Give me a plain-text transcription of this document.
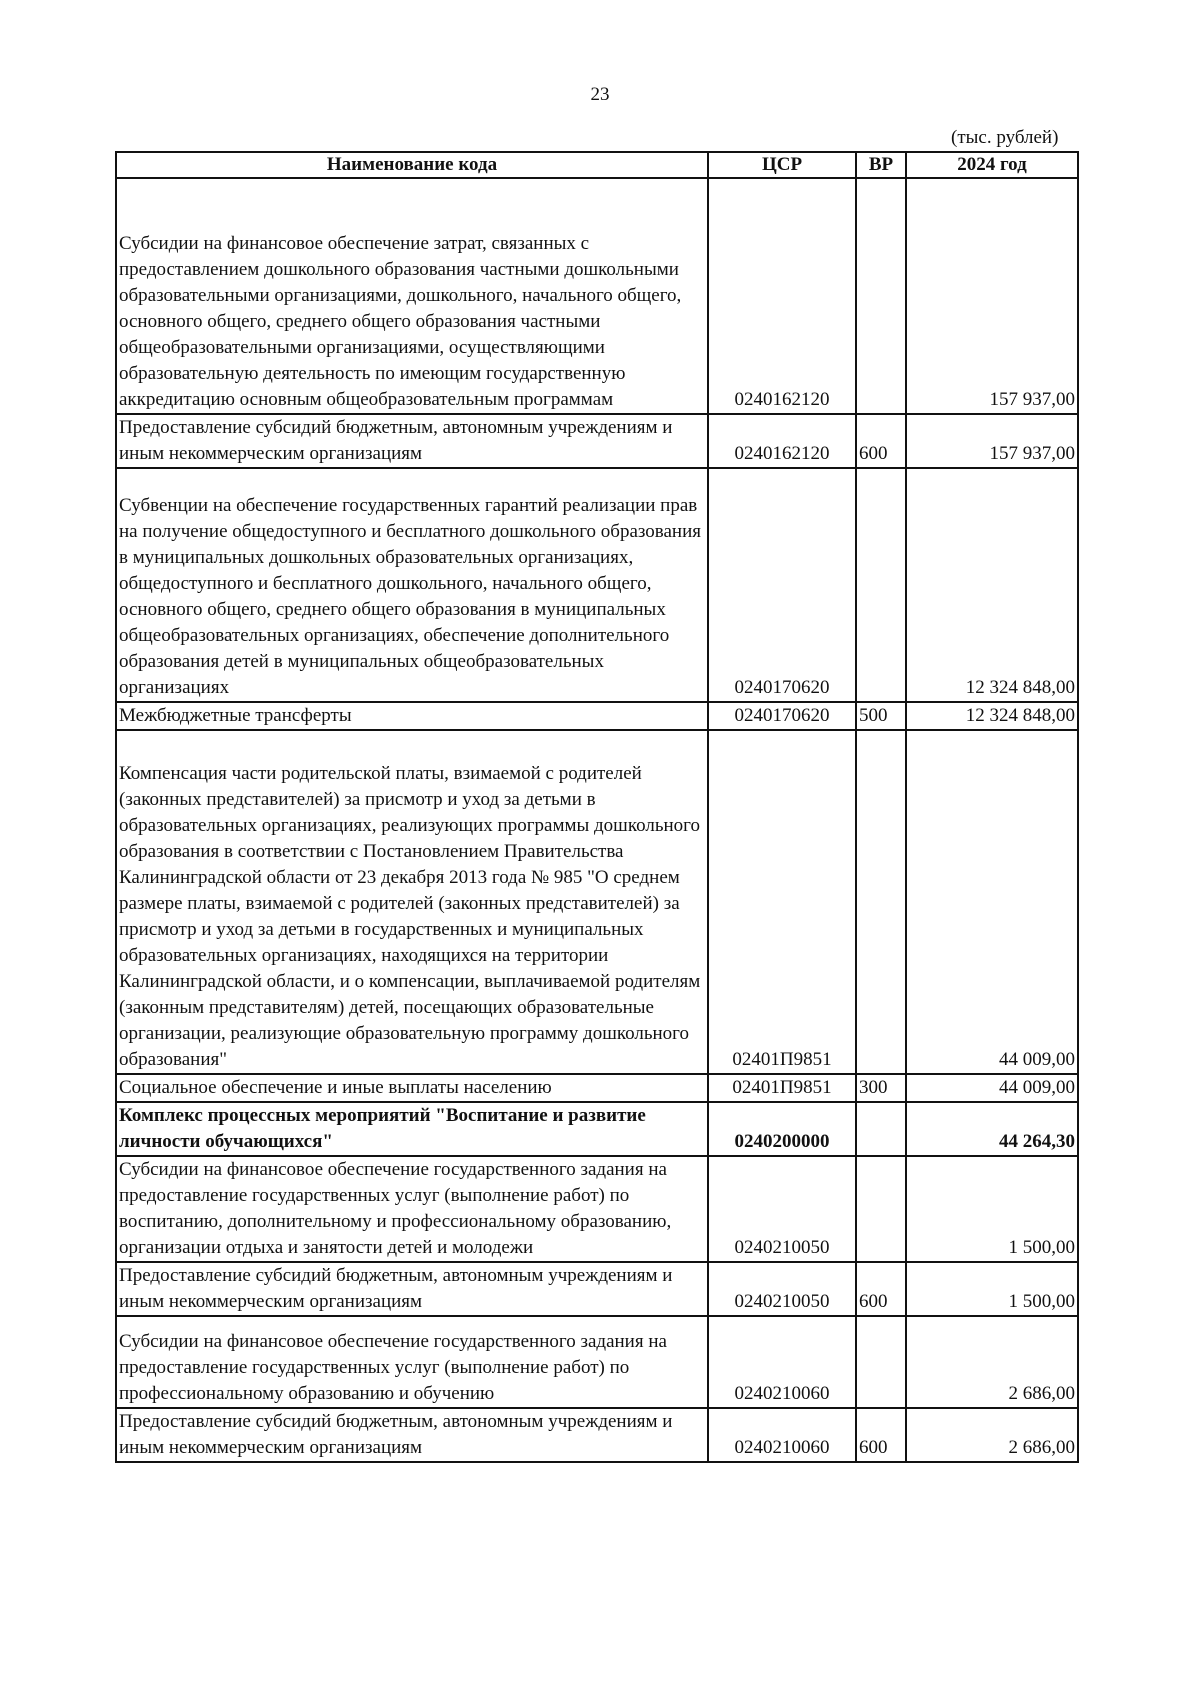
23
(тыс. рублей)
Наименование кода	ЦСР	ВР	2024 год
Субсидии на финансовое обеспечение затрат, связанных с предоставлением дошкольного образования частными дошкольными образовательными организациями, дошкольного, начального общего, основного общего, среднего общего образования частными общеобразовательными организациями, осуществляющими образовательную деятельность по имеющим государственную аккредитацию основным общеобразовательным программам	0240162120		157 937,00
Предоставление субсидий бюджетным, автономным учреждениям и иным некоммерческим организациям	0240162120	600	157 937,00
Субвенции на обеспечение государственных гарантий реализации прав на получение общедоступного и бесплатного дошкольного образования в муниципальных дошкольных образовательных организациях, общедоступного и бесплатного дошкольного, начального общего, основного общего, среднего общего образования в муниципальных общеобразовательных организациях, обеспечение дополнительного образования детей в муниципальных общеобразовательных организациях	0240170620		12 324 848,00
Межбюджетные трансферты	0240170620	500	12 324 848,00
Компенсация части родительской платы, взимаемой с родителей (законных представителей) за присмотр и уход за детьми в образовательных организациях, реализующих программы дошкольного образования в соответствии с Постановлением Правительства Калининградской области от 23 декабря 2013 года № 985 "О среднем размере платы, взимаемой с родителей (законных представителей) за присмотр и уход за детьми в государственных и муниципальных образовательных организациях, находящихся на территории Калининградской области, и о компенсации, выплачиваемой родителям (законным представителям) детей, посещающих образовательные организации, реализующие образовательную программу дошкольного образования"	02401П9851		44 009,00
Социальное обеспечение и иные выплаты населению	02401П9851	300	44 009,00
Комплекс процессных мероприятий "Воспитание и развитие личности обучающихся"	0240200000		44 264,30
Субсидии на финансовое обеспечение государственного задания на предоставление государственных услуг (выполнение работ) по воспитанию, дополнительному и профессиональному образованию, организации отдыха и занятости детей и молодежи	0240210050		1 500,00
Предоставление субсидий бюджетным, автономным учреждениям и иным некоммерческим организациям	0240210050	600	1 500,00
Субсидии на финансовое обеспечение государственного задания на предоставление государственных услуг (выполнение работ) по профессиональному образованию и обучению	0240210060		2 686,00
Предоставление субсидий бюджетным, автономным учреждениям и иным некоммерческим организациям	0240210060	600	2 686,00
